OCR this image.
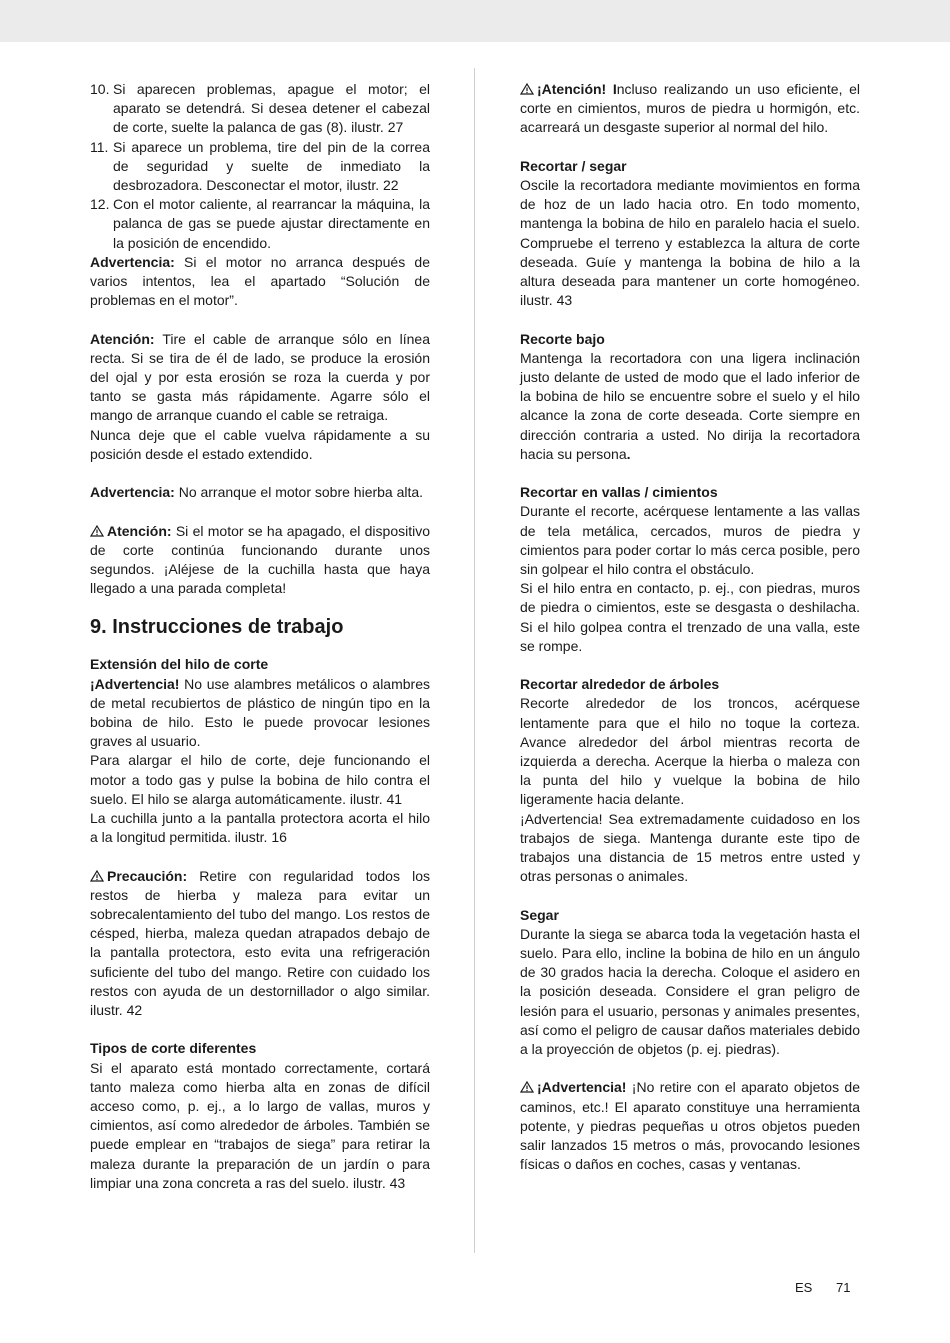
10. Si aparecen problemas, apague el motor; el aparato se detendrá. Si desea detener el cabezal de corte, suelte la palanca de gas (8). ilustr. 27
11. Si aparece un problema, tire del pin de la correa de seguridad y suelte de inmediato la desbrozadora. Desconectar el motor, ilustr. 22
12. Con el motor caliente, al rearrancar la máquina, la palanca de gas se puede ajustar directamente en la posición de encendido.

Advertencia: Si el motor no arranca después de varios intentos, lea el apartado “Solución de problemas en el motor”.

Atención: Tire el cable de arranque sólo en línea recta. Si se tira de él de lado, se produce la erosión del ojal y por esta erosión se roza la cuerda y por tanto se gasta más rápidamente. Agarre sólo el mango de arranque cuando el cable se retraiga.

Nunca deje que el cable vuelva rápidamente a su posición desde el estado extendido.

Advertencia: No arranque el motor sobre hierba alta.

Atención: Si el motor se ha apagado, el dispositivo de corte continúa funcionando durante unos segundos. ¡Aléjese de la cuchilla hasta que haya llegado a una parada completa!

9. Instrucciones de trabajo

Extensión del hilo de corte

¡Advertencia! No use alambres metálicos o alambres de metal recubiertos de plástico de ningún tipo en la bobina de hilo. Esto le puede provocar lesiones graves al usuario.

Para alargar el hilo de corte, deje funcionando el motor a todo gas y pulse la bobina de hilo contra el suelo. El hilo se alarga automáticamente. ilustr. 41

La cuchilla junto a la pantalla protectora acorta el hilo a la longitud permitida. ilustr. 16

Precaución: Retire con regularidad todos los restos de hierba y maleza para evitar un sobrecalentamiento del tubo del mango. Los restos de césped, hierba, maleza quedan atrapados debajo de la pantalla protectora, esto evita una refrigeración suficiente del tubo del mango. Retire con cuidado los restos con ayuda de un destornillador o algo similar. ilustr. 42

Tipos de corte diferentes

Si el aparato está montado correctamente, cortará tanto maleza como hierba alta en zonas de difícil acceso como, p. ej., a lo largo de vallas, muros y cimientos, así como alrededor de árboles. También se puede emplear en “trabajos de siega” para retirar la maleza durante la preparación de un jardín o para limpiar una zona concreta a ras del suelo. ilustr. 43

¡Atención! Incluso realizando un uso eficiente, el corte en cimientos, muros de piedra u hormigón, etc. acarreará un desgaste superior al normal del hilo.

Recortar / segar

Oscile la recortadora mediante movimientos en forma de hoz de un lado hacia otro. En todo momento, mantenga la bobina de hilo en paralelo hacia el suelo. Compruebe el terreno y establezca la altura de corte deseada. Guíe y mantenga la bobina de hilo a la altura deseada para mantener un corte homogéneo. ilustr. 43

Recorte bajo

Mantenga la recortadora con una ligera inclinación justo delante de usted de modo que el lado inferior de la bobina de hilo se encuentre sobre el suelo y el hilo alcance la zona de corte deseada. Corte siempre en dirección contraria a usted. No dirija la recortadora hacia su persona.

Recortar en vallas / cimientos

Durante el recorte, acérquese lentamente a las vallas de tela metálica, cercados, muros de piedra y cimientos para poder cortar lo más cerca posible, pero sin golpear el hilo contra el obstáculo.

Si el hilo entra en contacto, p. ej., con piedras, muros de piedra o cimientos, este se desgasta o deshilacha. Si el hilo golpea contra el trenzado de una valla, este se rompe.

Recortar alrededor de árboles

Recorte alrededor de los troncos, acérquese lentamente para que el hilo no toque la corteza. Avance alrededor del árbol mientras recorta de izquierda a derecha. Acerque la hierba o maleza con la punta del hilo y vuelque la bobina de hilo ligeramente hacia delante.

¡Advertencia! Sea extremadamente cuidadoso en los trabajos de siega. Mantenga durante este tipo de trabajos una distancia de 15 metros entre usted y otras personas o animales.

Segar

Durante la siega se abarca toda la vegetación hasta el suelo. Para ello, incline la bobina de hilo en un ángulo de 30 grados hacia la derecha. Coloque el asidero en la posición deseada. Considere el gran peligro de lesión para el usuario, personas y animales presentes, así como el peligro de causar daños materiales debido a la proyección de objetos (p. ej. piedras).

¡Advertencia! ¡No retire con el aparato objetos de caminos, etc.! El aparato constituye una herramienta potente, y piedras pequeñas u otros objetos pueden salir lanzados 15 metros o más, provocando lesiones físicas o daños en coches, casas y ventanas.

ES 71
